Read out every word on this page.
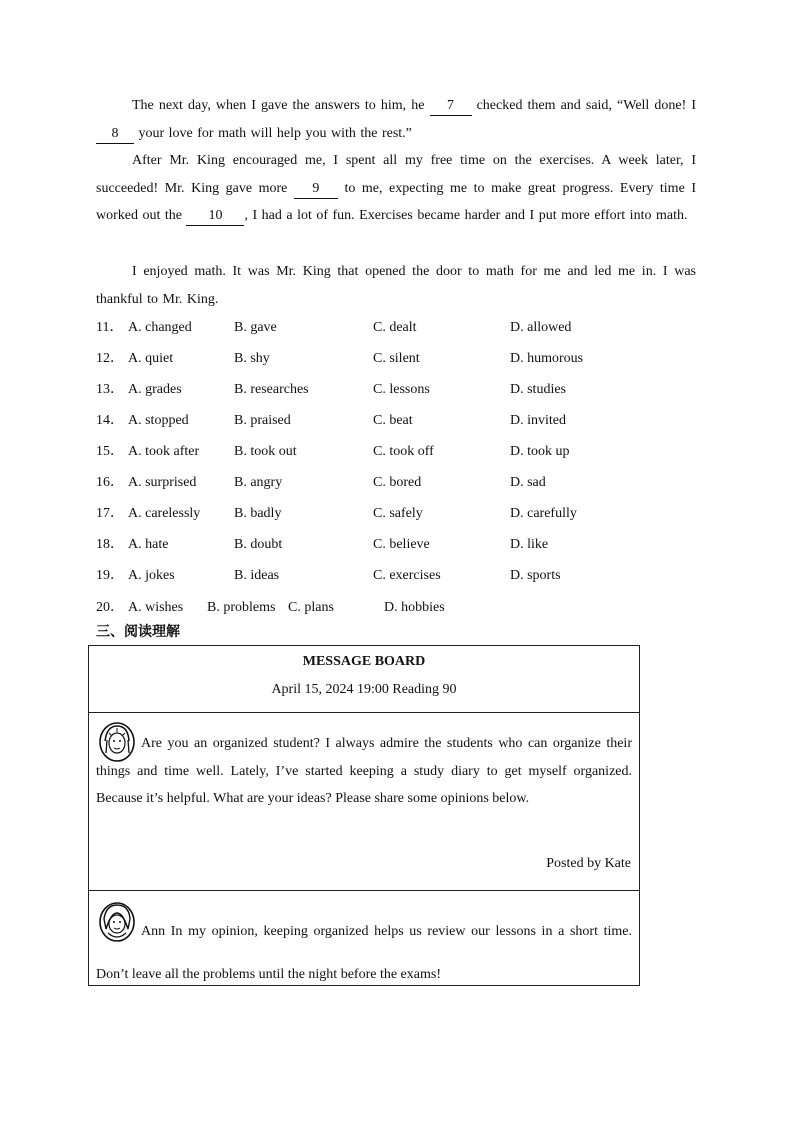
The next day, when I gave the answers to him, he 7 checked them and said, “Well done! I 8 your love for math will help you with the rest.”

After Mr. King encouraged me, I spent all my free time on the exercises. A week later, I succeeded! Mr. King gave more 9 to me, expecting me to make great progress. Every time I worked out the 10 , I had a lot of fun. Exercises became harder and I put more effort into math.

I enjoyed math. It was Mr. King that opened the door to math for me and led me in. I was thankful to Mr. King.

11． A. changed	B. gave	C. dealt	D. allowed
12． A. quiet	B. shy	C. silent	D. humorous
13． A. grades	B. researches	C. lessons	D. studies
14． A. stopped	B. praised	C. beat	D. invited
15． A. took after B. took out	C. took off	D. took up
16． A. surprised	B. angry	C. bored	D. sad
17． A. carelessly B. badly	C. safely	D. carefully
18． A. hate	B. doubt	C. believe	D. like
19． A. jokes	B. ideas	C. exercises	D. sports
20． A. wishes B. problems C. plans	D. hobbies
三、阅读理解
MESSAGE BOARD
April 15, 2024 19:00 Reading 90
Are you an organized student? I always admire the students who can organize their things and time well. Lately, I’ve started keeping a study diary to get myself organized. Because it’s helpful. What are your ideas? Please share some opinions below.
Posted by Kate
Ann In my opinion, keeping organized helps us review our lessons in a short time. Don’t leave all the problems until the night before the exams!
